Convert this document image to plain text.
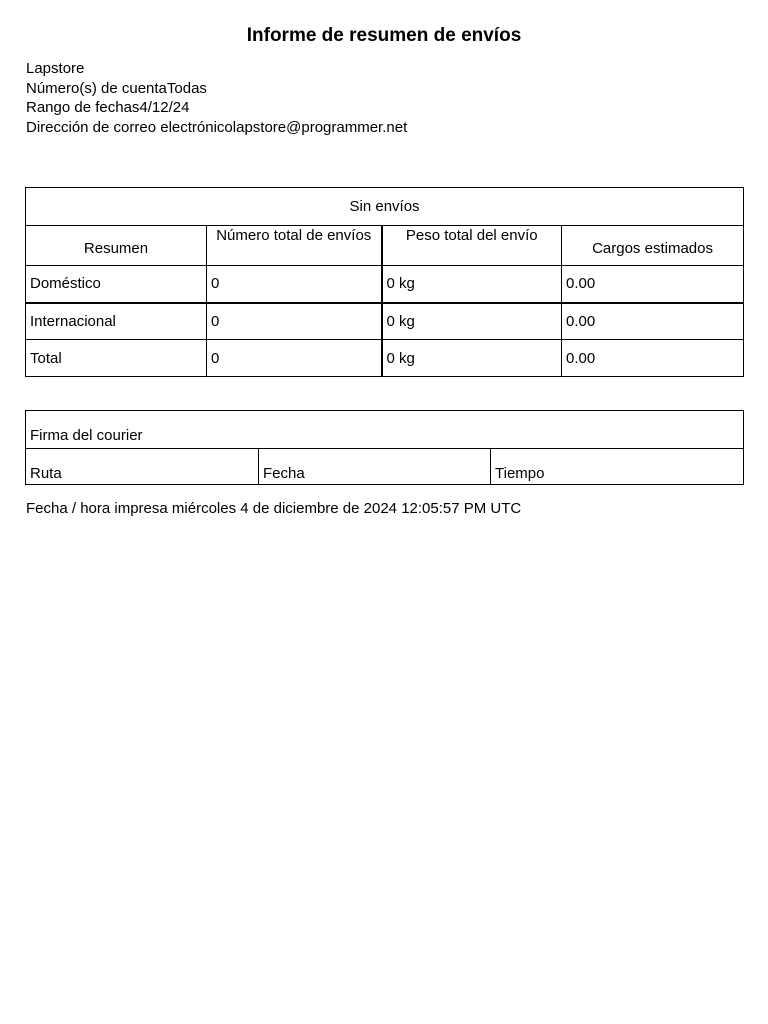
Informe de resumen de envíos
Lapstore
Número(s) de cuentaTodas
Rango de fechas4/12/24
Dirección de correo electrónicolapstore@programmer.net
Sin envíos			
Resumen	Número total de envíos	Peso total del envío	Cargos estimados
Doméstico	0	0 kg	0.00
Internacional	0	0 kg	0.00
Total	0	0 kg	0.00
Firma del courier
Ruta	Fecha	Tiempo
Fecha / hora impresa miércoles 4 de diciembre de 2024 12:05:57 PM UTC
